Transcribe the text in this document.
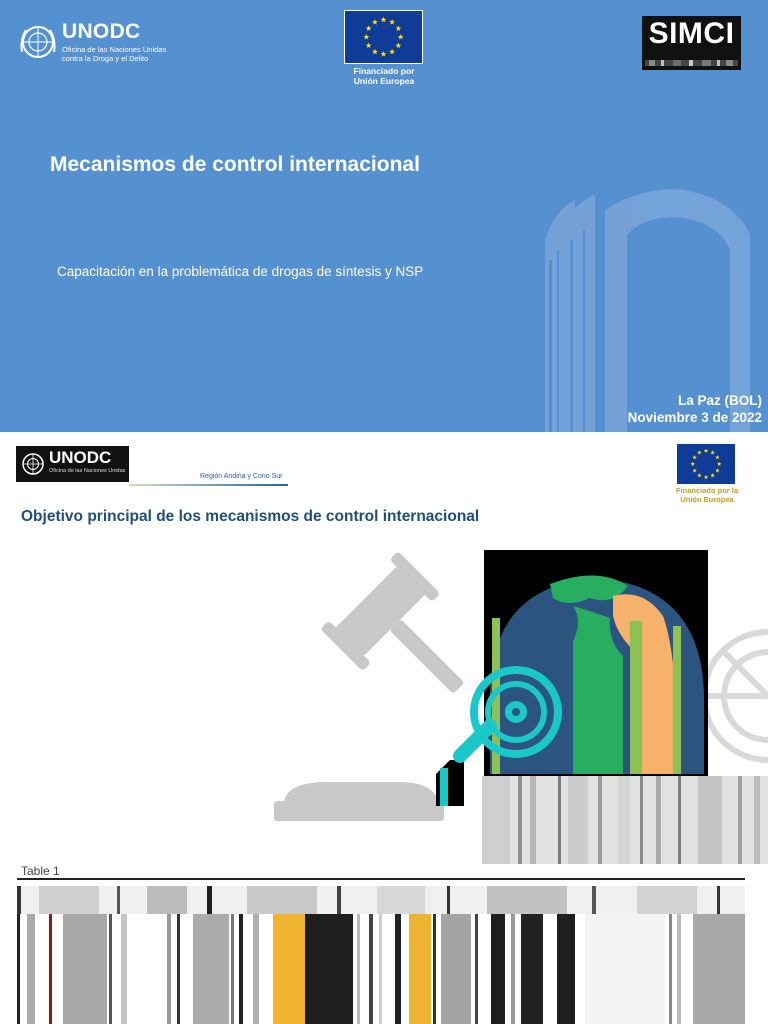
UNODC
Oficina de las Naciones Unidas
contra la Droga y el Delito
Financiado por
Unión Europea
SIMCI
Mecanismos de control internacional
Capacitación en la problemática de drogas de síntesis y NSP
La Paz (BOL)
Noviembre 3 de 2022
UNODC
Oficina de las Naciones Unidas
Región Andina y Cono Sur
Financiado por la
Unión Europea
Objetivo principal de los mecanismos de control internacional
Table 1
